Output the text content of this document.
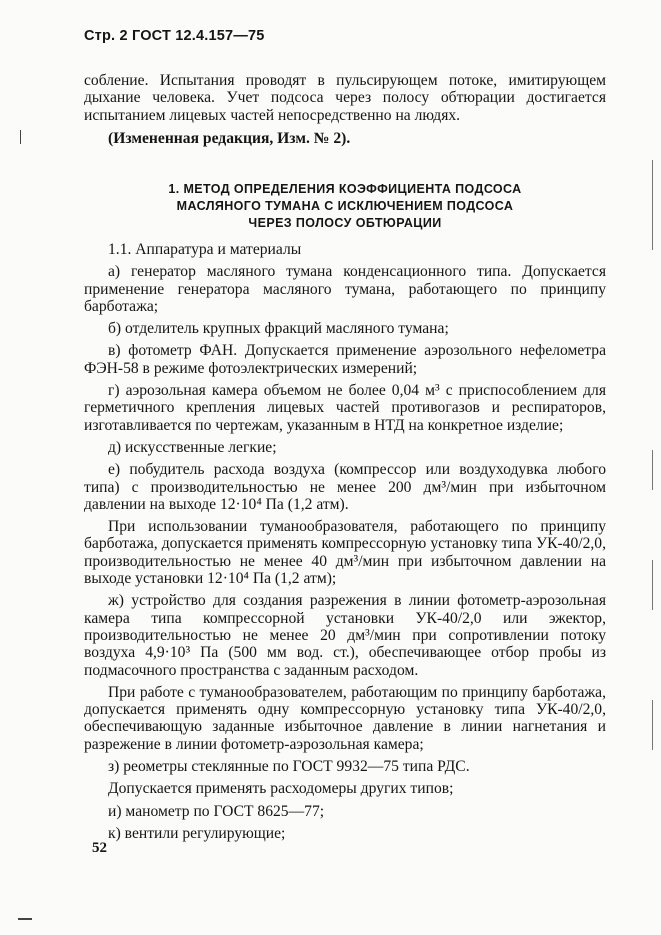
Стр. 2 ГОСТ 12.4.157—75

собление. Испытания проводят в пульсирующем потоке, имитирующем дыхание человека. Учет подсоса через полосу обтюрации достигается испытанием лицевых частей непосредственно на людях.

(Измененная редакция, Изм. № 2).

1. МЕТОД ОПРЕДЕЛЕНИЯ КОЭФФИЦИЕНТА ПОДСОСА
МАСЛЯНОГО ТУМАНА С ИСКЛЮЧЕНИЕМ ПОДСОСА
ЧЕРЕЗ ПОЛОСУ ОБТЮРАЦИИ

1.1. Аппаратура и материалы

а) генератор масляного тумана конденсационного типа. Допускается применение генератора масляного тумана, работающего по принципу барботажа;

б) отделитель крупных фракций масляного тумана;

в) фотометр ФАН. Допускается применение аэрозольного нефелометра ФЭН-58 в режиме фотоэлектрических измерений;

г) аэрозольная камера объемом не более 0,04 м³ с приспособлением для герметичного крепления лицевых частей противогазов и респираторов, изготавливается по чертежам, указанным в НТД на конкретное изделие;

д) искусственные легкие;

е) побудитель расхода воздуха (компрессор или воздуходувка любого типа) с производительностью не менее 200 дм³/мин при избыточном давлении на выходе 12·10⁴ Па (1,2 атм).

При использовании туманообразователя, работающего по принципу барботажа, допускается применять компрессорную установку типа УК-40/2,0, производительностью не менее 40 дм³/мин при избыточном давлении на выходе установки 12·10⁴ Па (1,2 атм);

ж) устройство для создания разрежения в линии фотометр-аэрозольная камера типа компрессорной установки УК-40/2,0 или эжектор, производительностью не менее 20 дм³/мин при сопротивлении потоку воздуха 4,9·10³ Па (500 мм вод. ст.), обеспечивающее отбор пробы из подмасочного пространства с заданным расходом.

При работе с туманообразователем, работающим по принципу барботажа, допускается применять одну компрессорную установку типа УК-40/2,0, обеспечивающую заданные избыточное давление в линии нагнетания и разрежение в линии фотометр-аэрозольная камера;

з) реометры стеклянные по ГОСТ 9932—75 типа РДС.

Допускается применять расходомеры других типов;

и) манометр по ГОСТ 8625—77;

к) вентили регулирующие;

52
